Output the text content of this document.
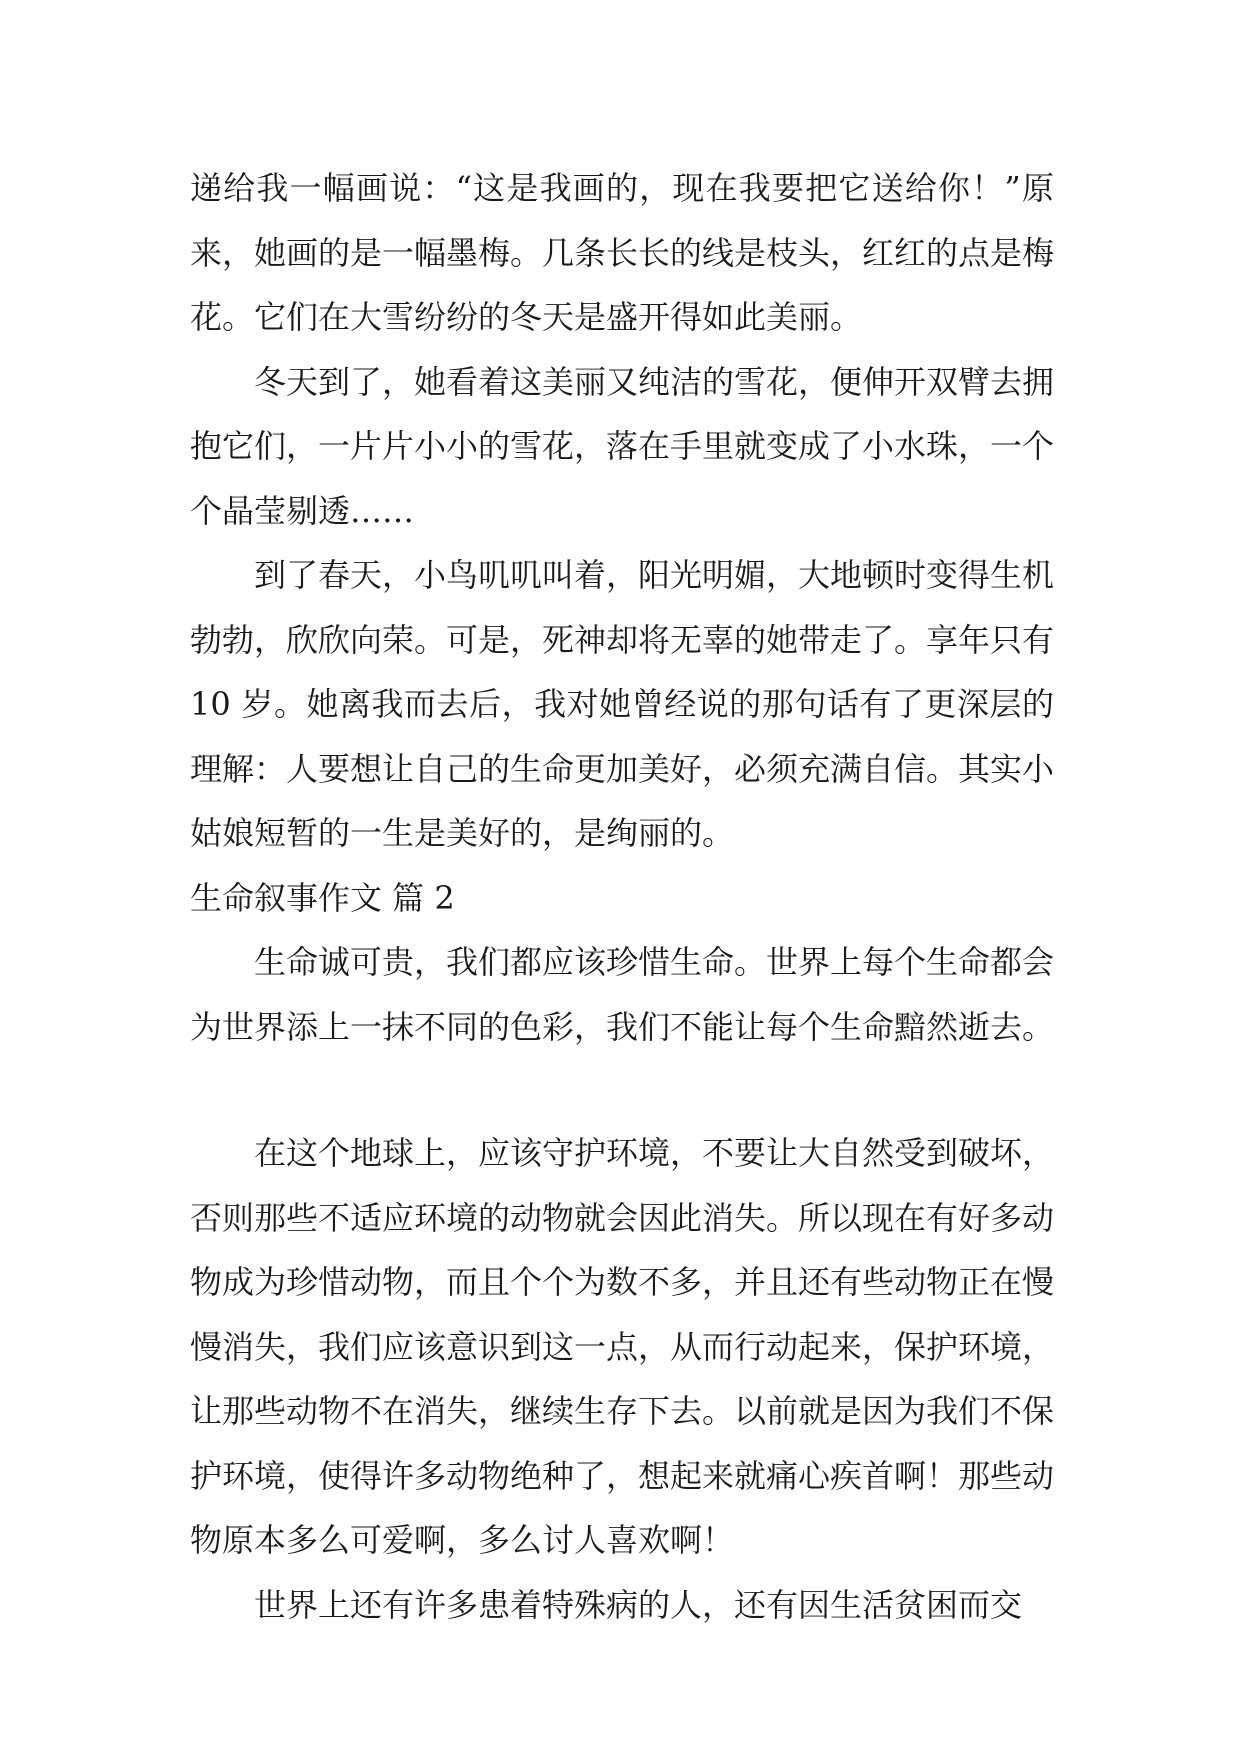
递给我一幅画说：“这是我画的，现在我要把它送给你！”原来，她画的是一幅墨梅。几条长长的线是枝头，红红的点是梅花。它们在大雪纷纷的冬天是盛开得如此美丽。

冬天到了，她看着这美丽又纯洁的雪花，便伸开双臂去拥抱它们，一片片小小的雪花，落在手里就变成了小水珠，一个个晶莹剔透……

到了春天，小鸟叽叽叫着，阳光明媚，大地顿时变得生机勃勃，欣欣向荣。可是，死神却将无辜的她带走了。享年只有 10 岁。她离我而去后，我对她曾经说的那句话有了更深层的理解：人要想让自己的生命更加美好，必须充满自信。其实小姑娘短暂的一生是美好的，是绚丽的。

生命叙事作文 篇 2

生命诚可贵，我们都应该珍惜生命。世界上每个生命都会为世界添上一抹不同的色彩，我们不能让每个生命黯然逝去。

在这个地球上，应该守护环境，不要让大自然受到破坏，否则那些不适应环境的动物就会因此消失。所以现在有好多动物成为珍惜动物，而且个个为数不多，并且还有些动物正在慢慢消失，我们应该意识到这一点，从而行动起来，保护环境，让那些动物不在消失，继续生存下去。以前就是因为我们不保护环境，使得许多动物绝种了，想起来就痛心疾首啊！那些动物原本多么可爱啊，多么讨人喜欢啊！

世界上还有许多患着特殊病的人，还有因生活贫困而交
